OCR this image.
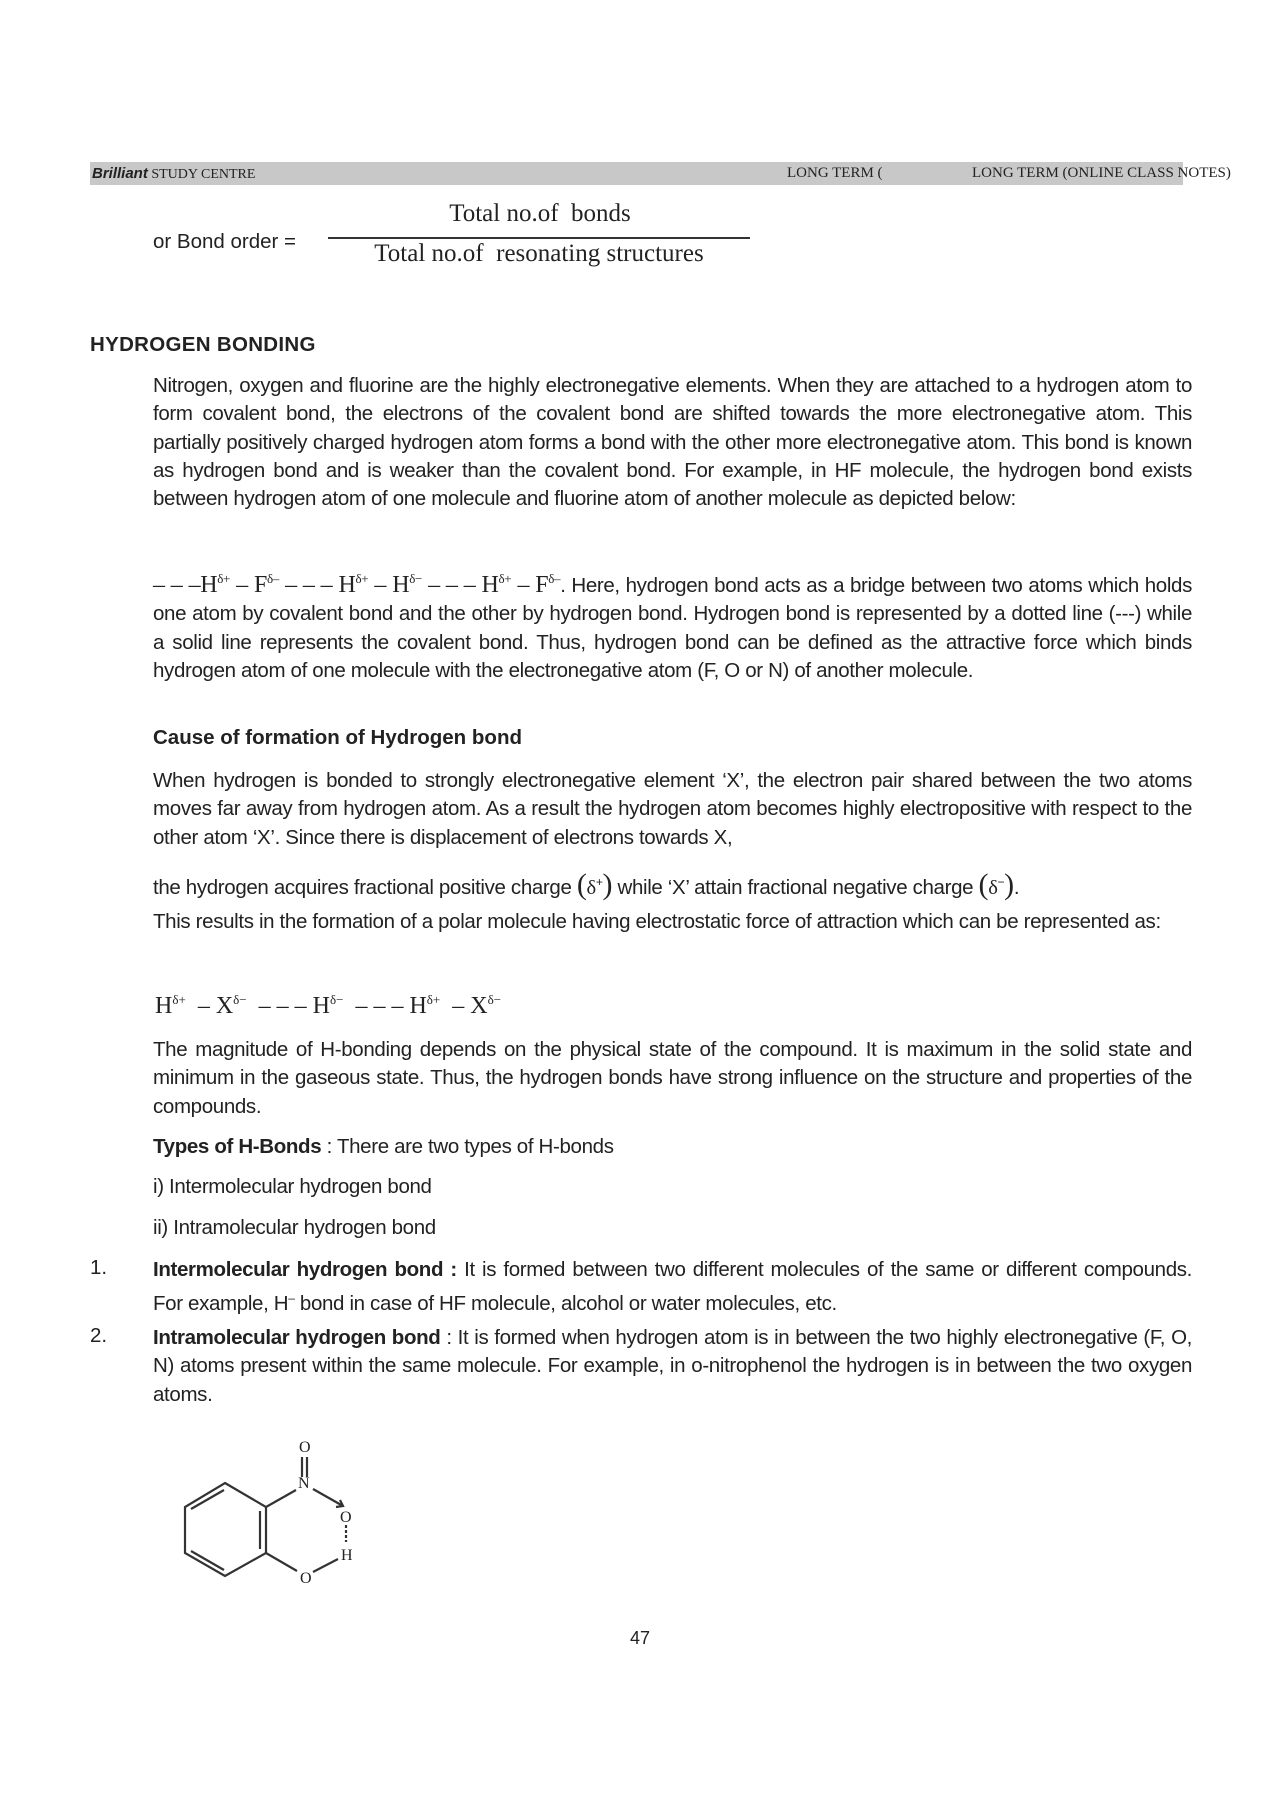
Brilliant STUDY CENTRE	LONG TERM (	LONG TERM (ONLINE CLASS NOTES)
or Bond order =
Total no.of  bonds
Total no.of  resonating structures
HYDROGEN BONDING
Nitrogen, oxygen and fluorine are the highly electronegative elements. When they are attached to a hydrogen atom to form covalent bond, the electrons of the covalent bond are shifted towards the more electronegative atom. This partially positively charged hydrogen atom forms a bond with the other more electronegative atom. This bond is known as hydrogen bond and is weaker than the covalent bond. For example, in HF molecule, the hydrogen bond exists between hydrogen atom of one molecule and fluorine atom of another molecule as depicted below:
– – $-H^{\delta+} - F^{\delta-}$ – – – $H^{\delta+} - H^{\delta-}$ – – – $H^{\delta+} - F^{\delta-}$. Here, hydrogen bond acts as a bridge between two atoms which holds one atom by covalent bond and the other by hydrogen bond. Hydrogen bond is represented by a dotted line (---) while a solid line represents the covalent bond. Thus, hydrogen bond can be defined as the attractive force which binds hydrogen atom of one molecule with the electronegative atom (F, O or N) of another molecule.
Cause of formation of Hydrogen bond
When hydrogen is bonded to strongly electronegative element ‘X’, the electron pair shared between the two atoms moves far away from hydrogen atom. As a result the hydrogen atom becomes highly electropositive with respect to the other atom ‘X’. Since there is displacement of electrons towards X,
the hydrogen acquires fractional positive charge (δ+) while ‘X’ attain fractional negative charge (δ−).
This results in the formation of a polar molecule having electrostatic force of attraction which can be represented as:
$H^{\delta+} - X^{\delta-}$  – – – $H^{\delta-}$  – – – $H^{\delta+} - X^{\delta-}$
The magnitude of H-bonding depends on the physical state of the compound. It is maximum in the solid state and minimum in the gaseous state. Thus, the hydrogen bonds have strong influence on the structure and properties of the compounds.
Types of H-Bonds : There are two types of H-bonds
i) Intermolecular hydrogen bond
ii) Intramolecular hydrogen bond
1. Intermolecular hydrogen bond : It is formed between two different molecules of the same or different compounds. For example, H– bond in case of HF molecule, alcohol or water molecules, etc.
2. Intramolecular hydrogen bond : It is formed when hydrogen atom is in between the two highly electronegative (F, O, N) atoms present within the same molecule. For example, in o-nitrophenol the hydrogen is in between the two oxygen atoms.
O
N
O
H
O
47
